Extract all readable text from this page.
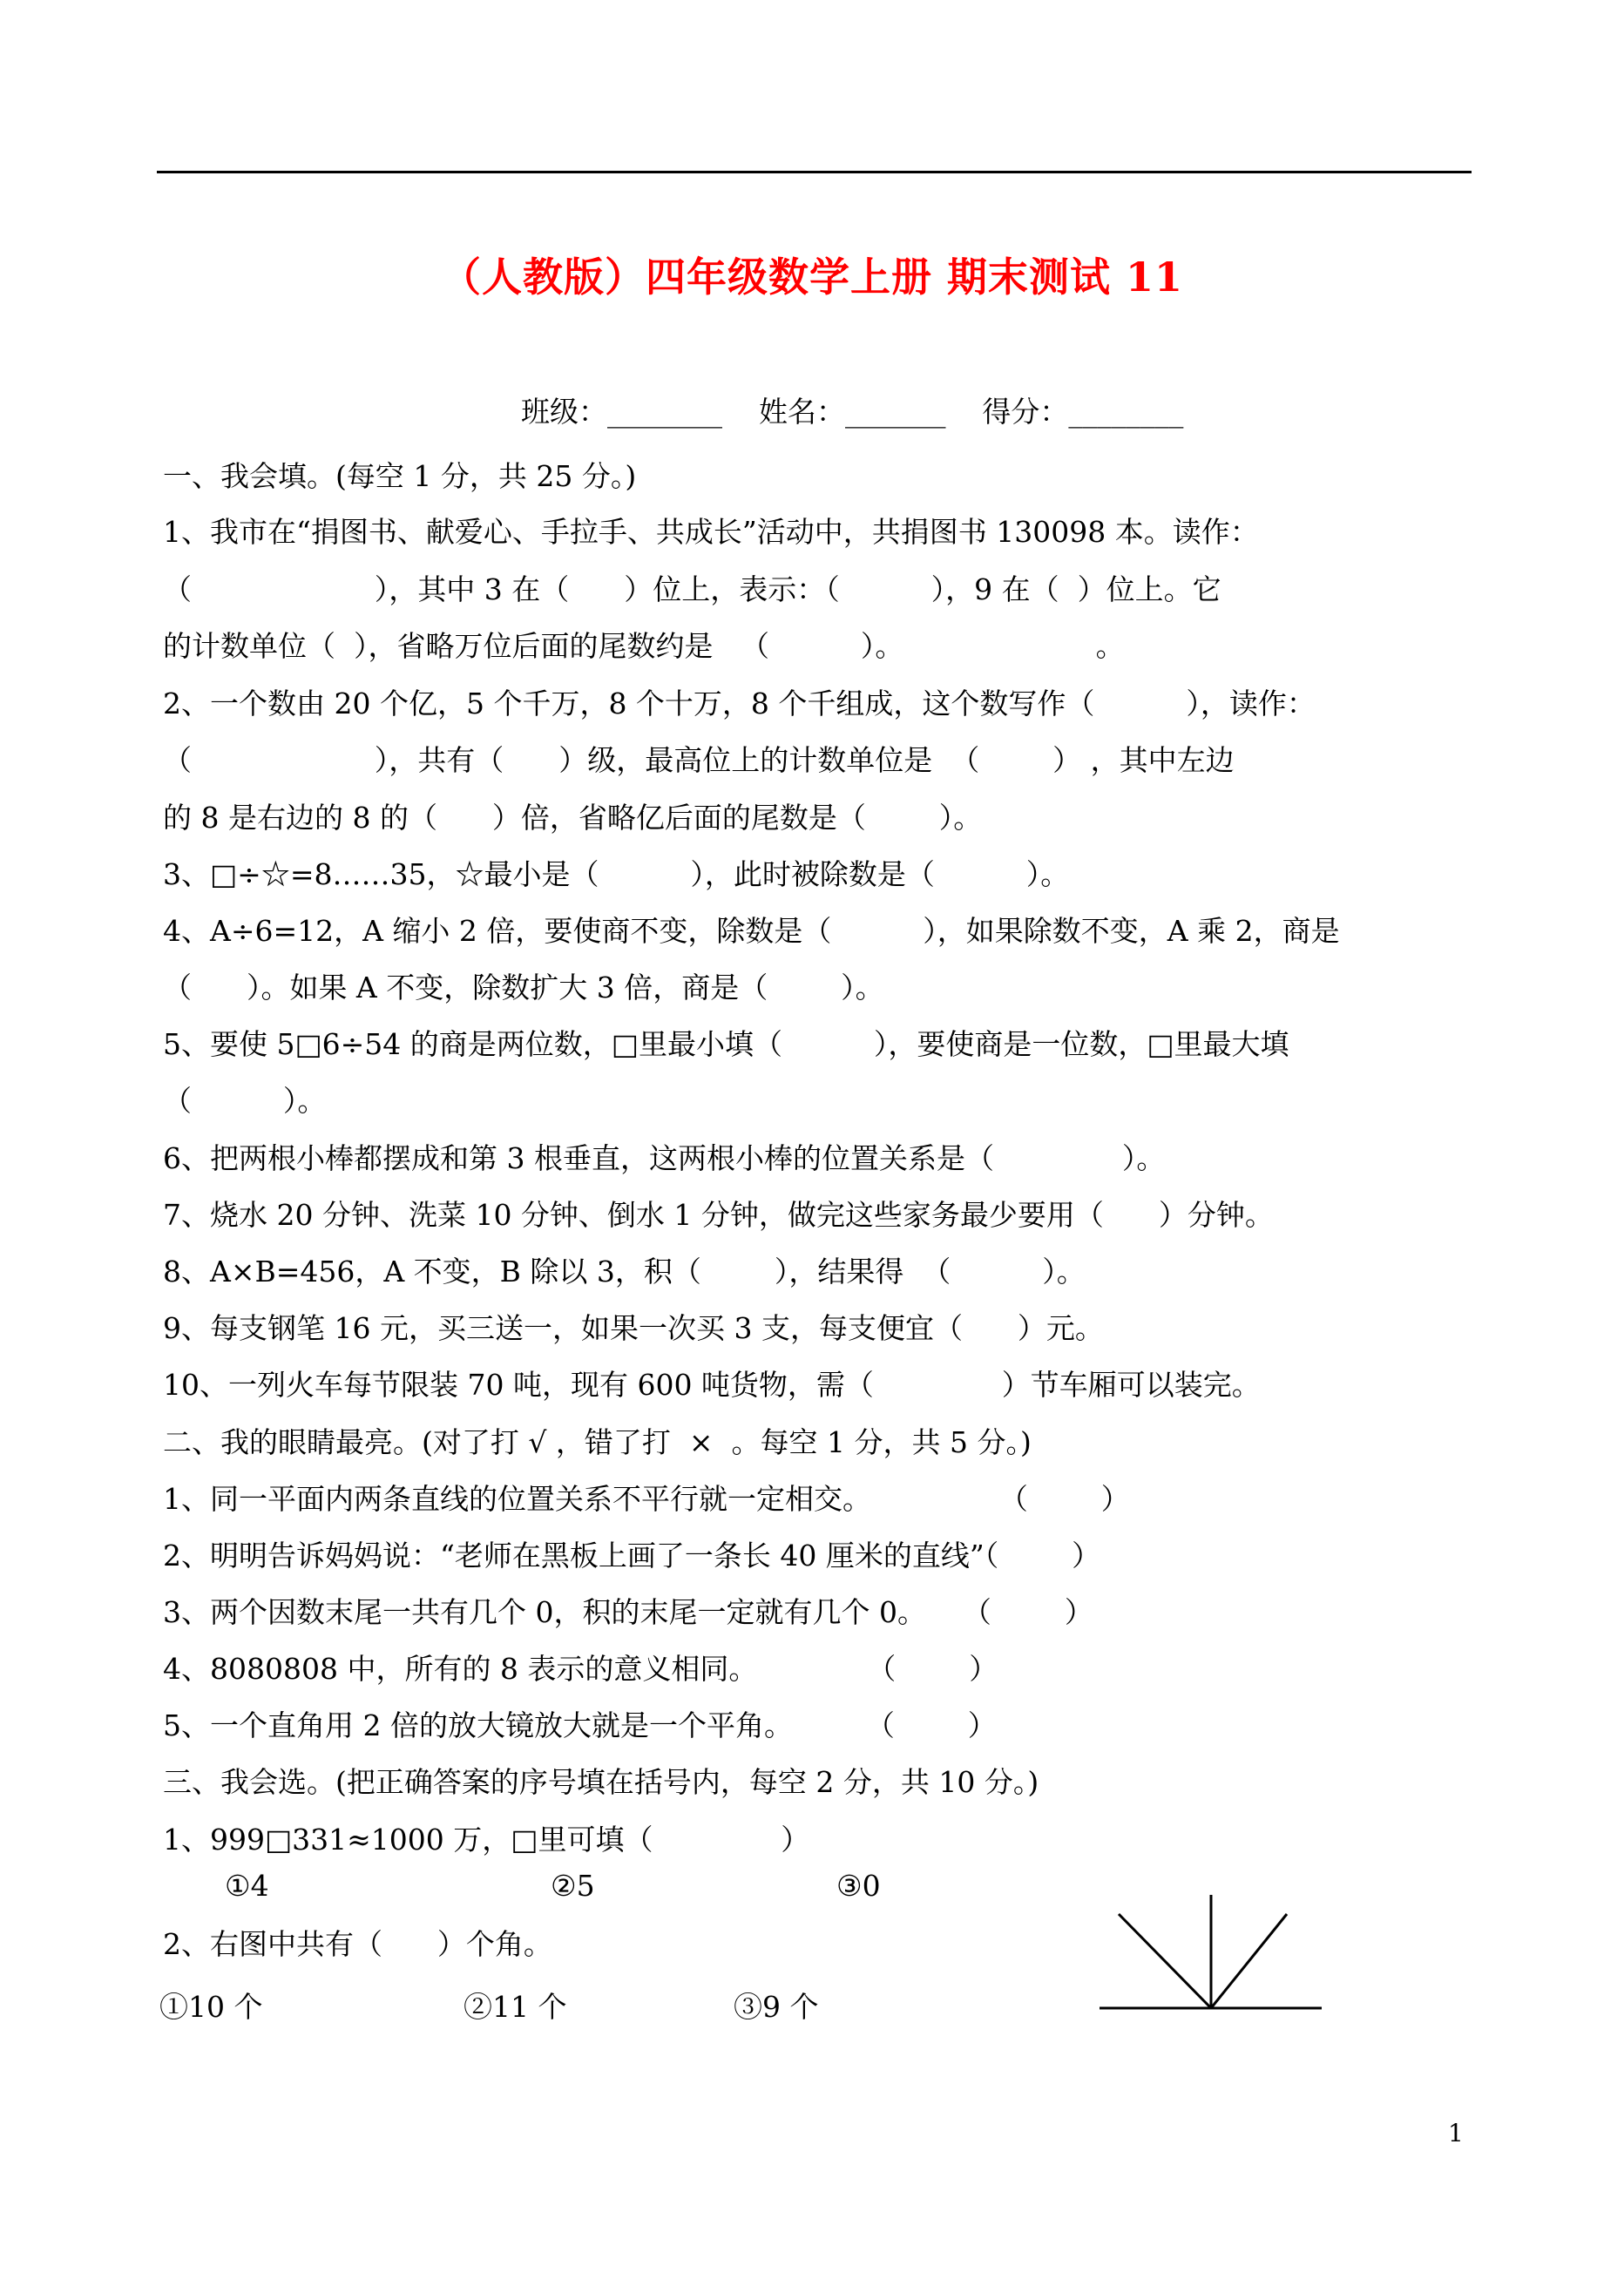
（人教版）四年级数学上册 期末测试 11
班级：________    姓名：_______    得分：________
一、我会填。(每空 1 分，共 25 分。)
1、我市在“捐图书、献爱心、手拉手、共成长”活动中，共捐图书 130098 本。读作：
（                    ），其中 3 在（      ）位上，表示：（          ），9 在（  ）位上。它
的计数单位（  ），省略万位后面的尾数约是   （          ）。                     。
2、一个数由 20 个亿，5 个千万，8 个十万，8 个千组成，这个数写作（          ），读作：
（                    ），共有（      ）级，最高位上的计数单位是  （        ） ，其中左边
的 8 是右边的 8 的（      ）倍，省略亿后面的尾数是（        ）。
3、□÷☆=8……35，☆最小是（          ），此时被除数是（          ）。
4、A÷6=12，A 缩小 2 倍，要使商不变，除数是（          ），如果除数不变，A 乘 2，商是
（      ）。如果 A 不变，除数扩大 3 倍，商是（        ）。
5、要使 5□6÷54 的商是两位数，□里最小填（          ），要使商是一位数，□里最大填
（          ）。
6、把两根小棒都摆成和第 3 根垂直，这两根小棒的位置关系是（              ）。
7、烧水 20 分钟、洗菜 10 分钟、倒水 1 分钟，做完这些家务最少要用（      ）分钟。
8、A×B=456，A 不变，B 除以 3，积（        ），结果得  （          ）。
9、每支钢笔 16 元，买三送一，如果一次买 3 支，每支便宜（      ）元。
10、一列火车每节限装 70 吨，现有 600 吨货物，需（              ）节车厢可以装完。
二、我的眼睛最亮。(对了打 √ ，错了打  ×  。每空 1 分，共 5 分。)
1、同一平面内两条直线的位置关系不平行就一定相交。              （        ）
2、明明告诉妈妈说：“老师在黑板上画了一条长 40 厘米的直线”（        ）
3、两个因数末尾一共有几个 0，积的末尾一定就有几个 0。    （        ）
4、8080808 中，所有的 8 表示的意义相同。            （        ）
5、一个直角用 2 倍的放大镜放大就是一个平角。        （        ）
三、我会选。(把正确答案的序号填在括号内，每空 2 分，共 10 分。)
1、999□331≈1000 万，□里可填（              ）
①4	②5	③0
2、右图中共有（      ）个角。
①10 个	②11 个	③9 个
1
